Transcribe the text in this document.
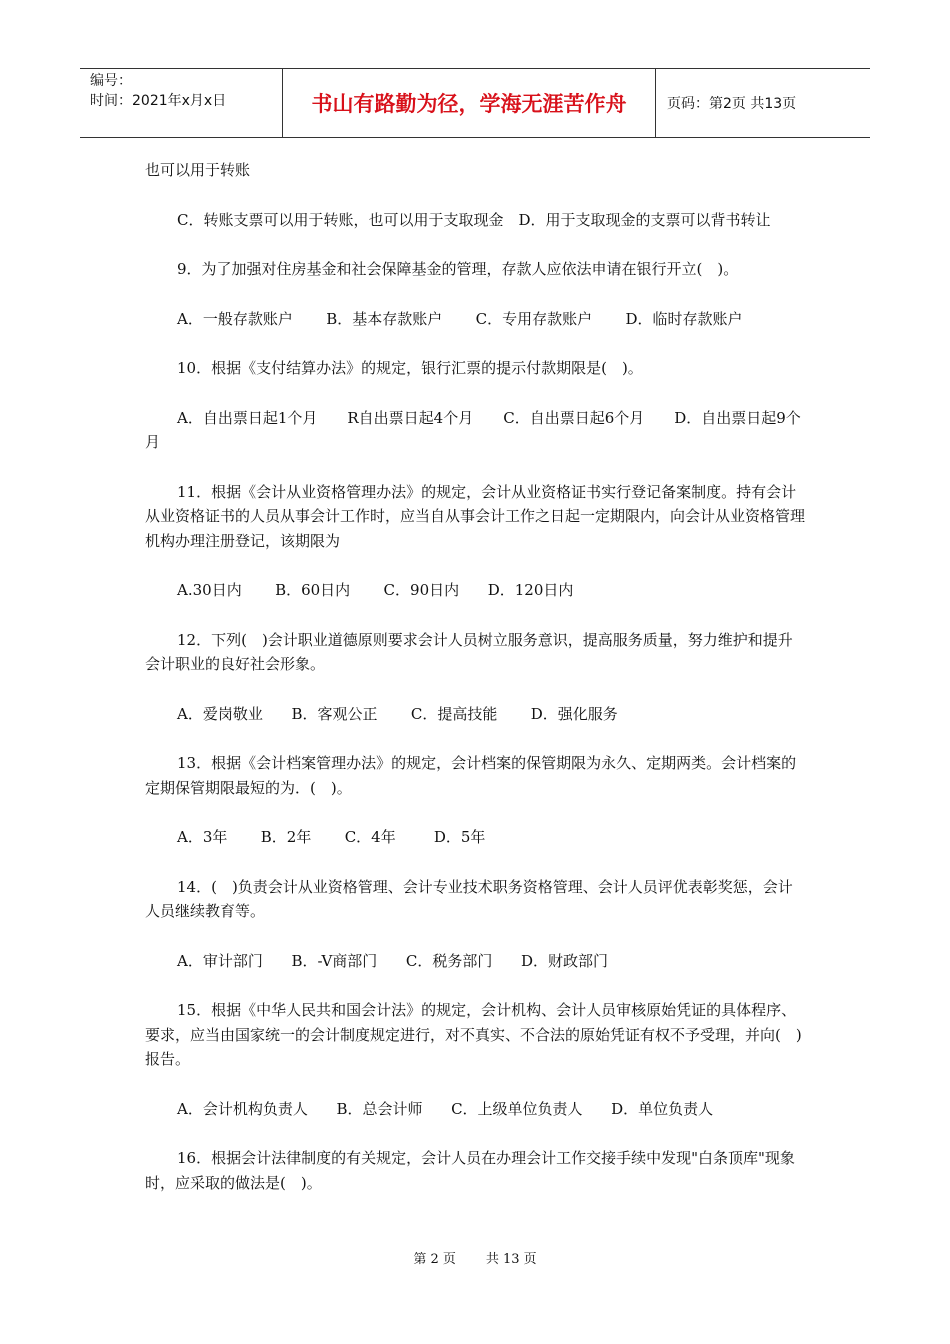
编号：
时间：2021年x月x日	书山有路勤为径，学海无涯苦作舟	页码：第2页 共13页

也可以用于转账

C．转账支票可以用于转账，也可以用于支取现金　D．用于支取现金的支票可以背书转让

9．为了加强对住房基金和社会保障基金的管理，存款人应依法申请在银行开立(　)。

A．一般存款账户       B．基本存款账户       C．专用存款账户       D．临时存款账户

10．根据《支付结算办法》的规定，银行汇票的提示付款期限是(　)。

A．自出票日起1个月　　R自出票日起4个月　　C．自出票日起6个月　　D．自出票日起9个月

11．根据《会计从业资格管理办法》的规定，会计从业资格证书实行登记备案制度。持有会计从业资格证书的人员从事会计工作时，应当自从事会计工作之日起一定期限内，向会计从业资格管理机构办理注册登记，该期限为

A.30日内       B．60日内       C．90日内      D．120日内

12．下列(　)会计职业道德原则要求会计人员树立服务意识，提高服务质量，努力维护和提升会计职业的良好社会形象。

A．爱岗敬业      B．客观公正       C．提高技能       D．强化服务

13．根据《会计档案管理办法》的规定，会计档案的保管期限为永久、定期两类。会计档案的定期保管期限最短的为．(　)。

A．3年       B．2年       C．4年        D．5年

14．(　)负责会计从业资格管理、会计专业技术职务资格管理、会计人员评优表彰奖惩，会计人员继续教育等。

A．审计部门      B．-V商部门      C．税务部门      D．财政部门

15．根据《中华人民共和国会计法》的规定，会计机构、会计人员审核原始凭证的具体程序、要求，应当由国家统一的会计制度规定进行，对不真实、不合法的原始凭证有权不予受理，并向(　)报告。

A．会计机构负责人      B．总会计师      C．上级单位负责人      D．单位负责人

16．根据会计法律制度的有关规定，会计人员在办理会计工作交接手续中发现"白条顶库"现象时，应采取的做法是(　)。

第 2 页 共 13 页
